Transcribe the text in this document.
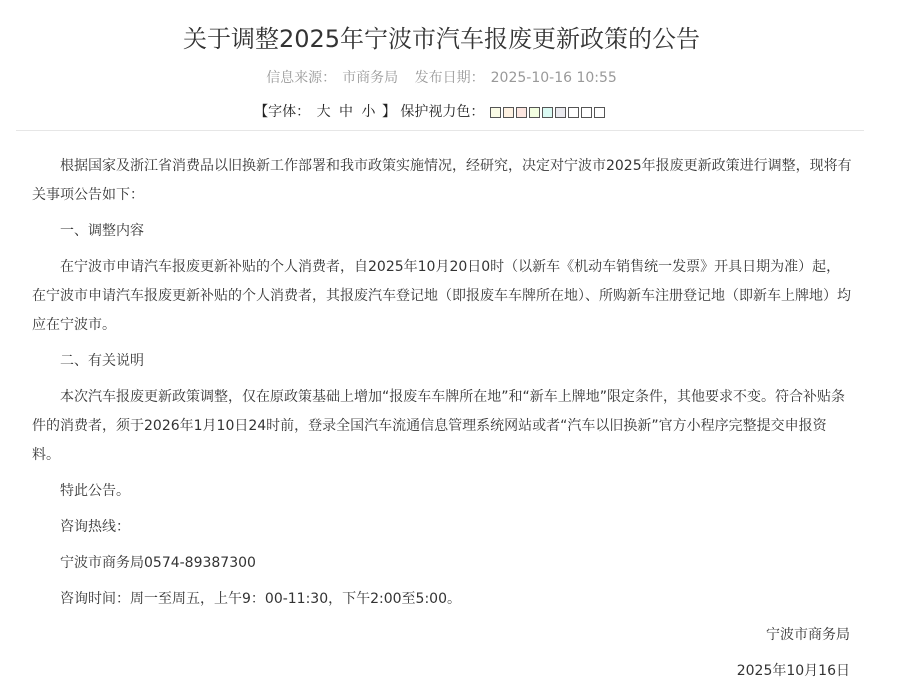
关于调整2025年宁波市汽车报废更新政策的公告
信息来源： 市商务局 发布日期： 2025-10-16 10:55
【字体： 大 中 小 】 保护视力色：

根据国家及浙江省消费品以旧换新工作部署和我市政策实施情况，经研究，决定对宁波市2025年报废更新政策进行调整，现将有关事项公告如下：

一、调整内容

在宁波市申请汽车报废更新补贴的个人消费者，自2025年10月20日0时（以新车《机动车销售统一发票》开具日期为准）起，在宁波市申请汽车报废更新补贴的个人消费者，其报废汽车登记地（即报废车车牌所在地）、所购新车注册登记地（即新车上牌地）均应在宁波市。

二、有关说明

本次汽车报废更新政策调整，仅在原政策基础上增加“报废车车牌所在地”和“新车上牌地”限定条件，其他要求不变。符合补贴条件的消费者，须于2026年1月10日24时前，登录全国汽车流通信息管理系统网站或者“汽车以旧换新”官方小程序完整提交申报资料。

特此公告。

咨询热线：

宁波市商务局0574-89387300

咨询时间：周一至周五，上午9：00-11:30，下午2:00至5:00。

宁波市商务局

2025年10月16日
